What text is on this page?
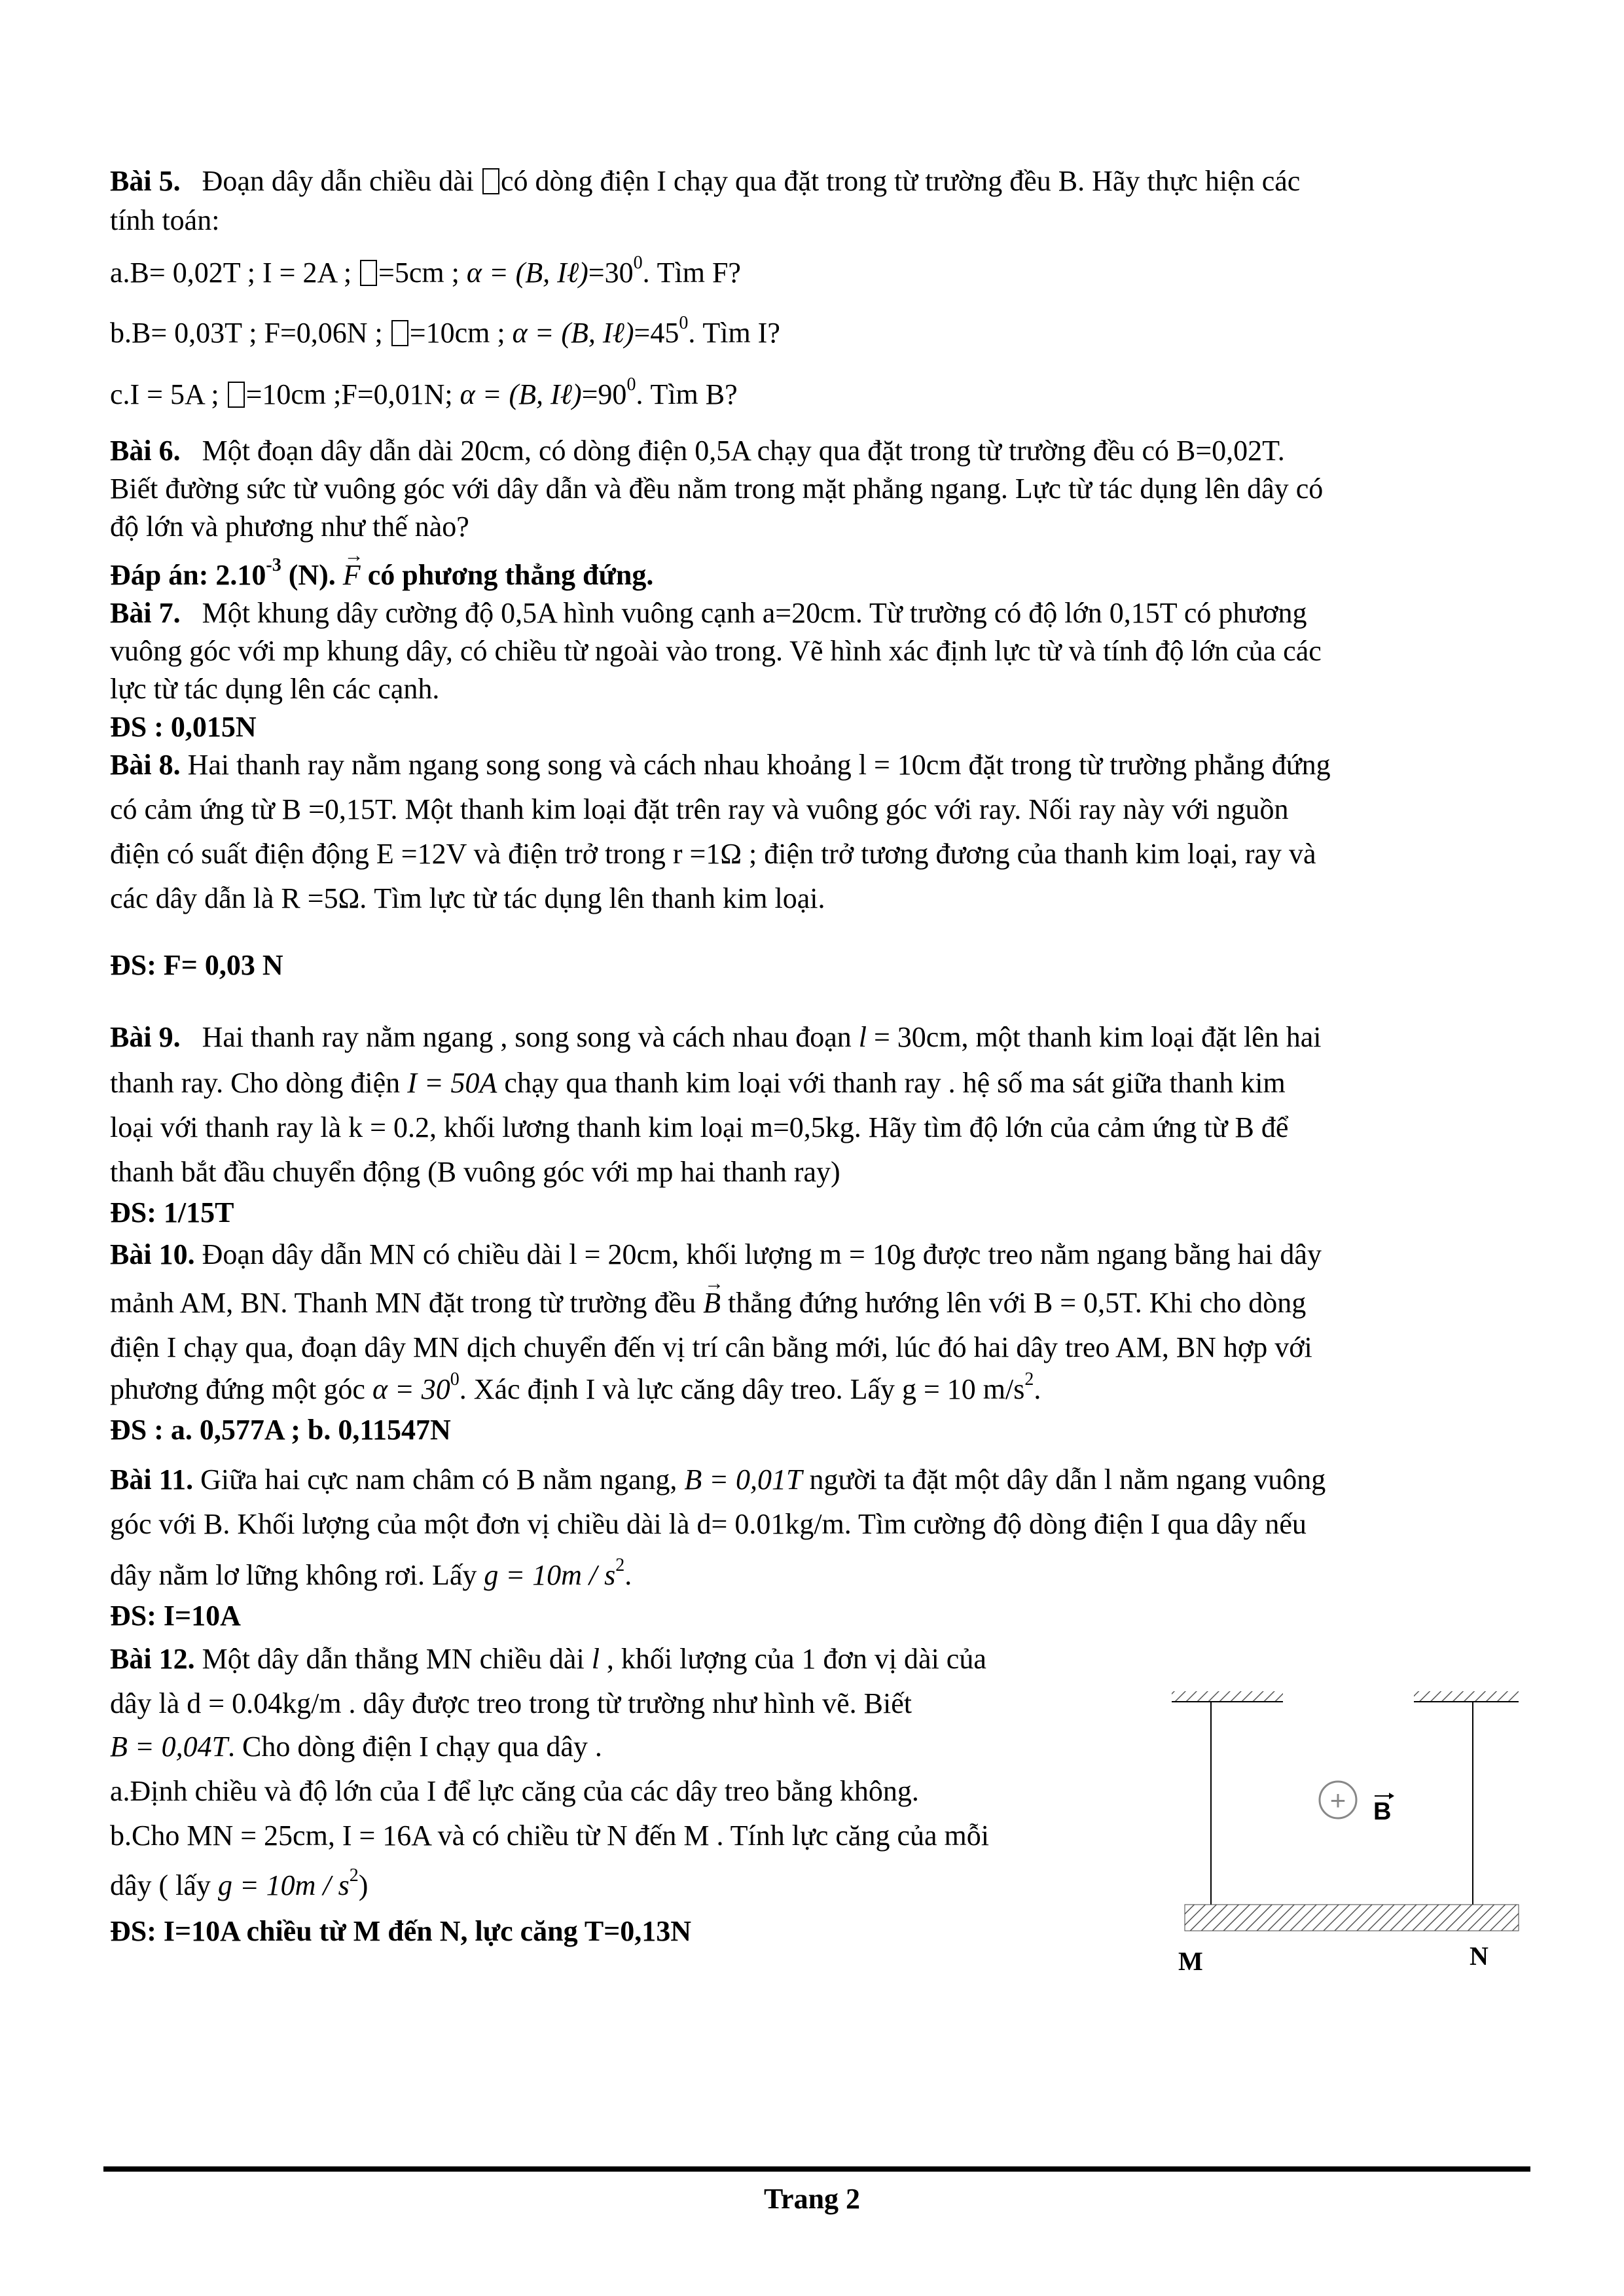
Bài 5. Đoạn dây dẫn chiều dài có dòng điện I chạy qua đặt trong từ trường đều B. Hãy thực hiện các

tính toán:

a.B= 0,02T ; I = 2A ; =5cm ; α = (B, $I\ell)=30^0$. Tìm F?

b.B= 0,03T ; F=0,06N ; =10cm ; α = (B, $I\ell)=45^0$. Tìm I?

c.I = 5A ; =10cm ;F=0,01N; α = (B, $I\ell)=90^0$. Tìm B?

Bài 6. Một đoạn dây dẫn dài 20cm, có dòng điện 0,5A chạy qua đặt trong từ trường đều có B=0,02T.

Biết đường sức từ vuông góc với dây dẫn và đều nằm trong mặt phẳng ngang. Lực từ tác dụng lên dây có

độ lớn và phương như thế nào?

Đáp án: $2.10^{-3}$ (N). → F có phương thẳng đứng.

Bài 7. Một khung dây cường độ 0,5A hình vuông cạnh a=20cm. Từ trường có độ lớn 0,15T có phương

vuông góc với mp khung dây, có chiều từ ngoài vào trong. Vẽ hình xác định lực từ và tính độ lớn của các

lực từ tác dụng lên các cạnh.

ĐS : 0,015N

Bài 8. Hai thanh ray nằm ngang song song và cách nhau khoảng l = 10cm đặt trong từ trường phẳng đứng

có cảm ứng từ B =0,15T. Một thanh kim loại đặt trên ray và vuông góc với ray. Nối ray này với nguồn

điện có suất điện động E =12V và điện trở trong r =1Ω ; điện trở tương đương của thanh kim loại, ray và

các dây dẫn là R =5Ω. Tìm lực từ tác dụng lên thanh kim loại.

ĐS: F= 0,03 N

Bài 9. Hai thanh ray nằm ngang , song song và cách nhau đoạn l = 30cm, một thanh kim loại đặt lên hai

thanh ray. Cho dòng điện I = 50A chạy qua thanh kim loại với thanh ray . hệ số ma sát giữa thanh kim

loại với thanh ray là k = 0.2, khối lương thanh kim loại m=0,5kg. Hãy tìm độ lớn của cảm ứng từ B để

thanh bắt đầu chuyển động (B vuông góc với mp hai thanh ray)

ĐS: 1/15T

Bài 10. Đoạn dây dẫn MN có chiều dài l = 20cm, khối lượng m = 10g được treo nằm ngang bằng hai dây

mảnh AM, BN. Thanh MN đặt trong từ trường đều → B thẳng đứng hướng lên với B = 0,5T. Khi cho dòng

điện I chạy qua, đoạn dây MN dịch chuyển đến vị trí cân bằng mới, lúc đó hai dây treo AM, BN hợp với

phương đứng một góc $\alpha = 30^0$. Xác định I và lực căng dây treo. Lấy g = 10 $m/s^2$.

ĐS : a. 0,577A ; b. 0,11547N

Bài 11. Giữa hai cực nam châm có B nằm ngang, B = 0,01T người ta đặt một dây dẫn l nằm ngang vuông

góc với B. Khối lượng của một đơn vị chiều dài là d= 0.01kg/m. Tìm cường độ dòng điện I qua dây nếu

dây nằm lơ lững không rơi. Lấy $g = 10m / s^2$.

ĐS: I=10A

Bài 12. Một dây dẫn thẳng MN chiều dài l , khối lượng của 1 đơn vị dài của

dây là d = 0.04kg/m . dây được treo trong từ trường như hình vẽ. Biết

B = 0,04T. Cho dòng điện I chạy qua dây .

a.Định chiều và độ lớn của I để lực căng của các dây treo bằng không.

b.Cho MN = 25cm, I = 16A và có chiều từ N đến M . Tính lực căng của mỗi

dây ( lấy $g = 10m / s^2$)

ĐS: I=10A chiều từ M đến N, lực căng T=0,13N

+ B
M	N
Trang 2
